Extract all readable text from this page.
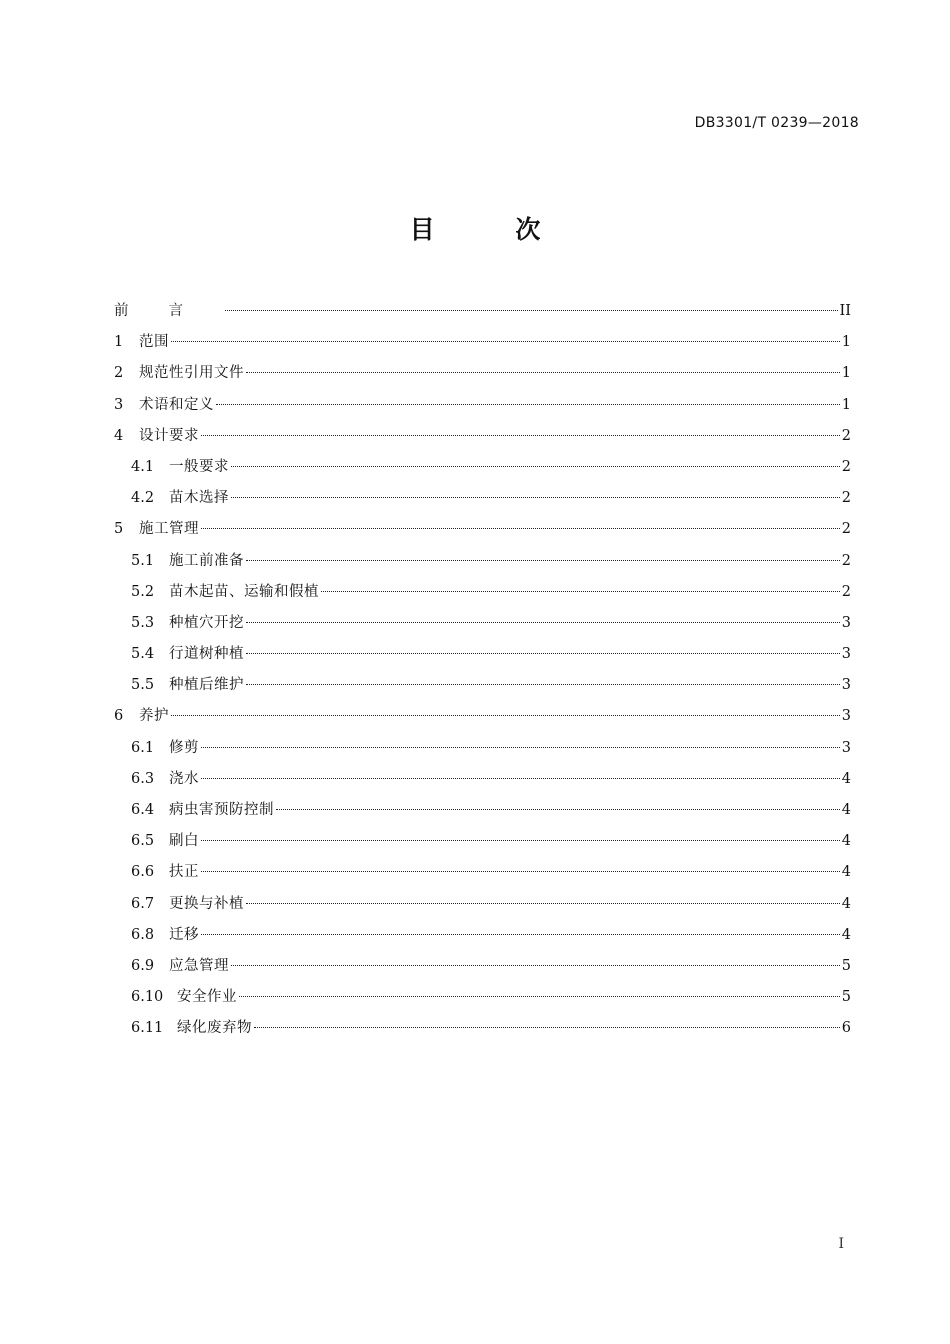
DB3301/T 0239—2018
目 次
前言	II
1	范围	1
2	规范性引用文件	1
3	术语和定义	1
4	设计要求	2
4.1	一般要求	2
4.2	苗木选择	2
5	施工管理	2
5.1	施工前准备	2
5.2	苗木起苗、运输和假植	2
5.3	种植穴开挖	3
5.4	行道树种植	3
5.5	种植后维护	3
6	养护	3
6.1	修剪	3
6.3	浇水	4
6.4	病虫害预防控制	4
6.5	刷白	4
6.6	扶正	4
6.7	更换与补植	4
6.8	迁移	4
6.9	应急管理	5
6.10 安全作业	5
6.11 绿化废弃物	6
I
